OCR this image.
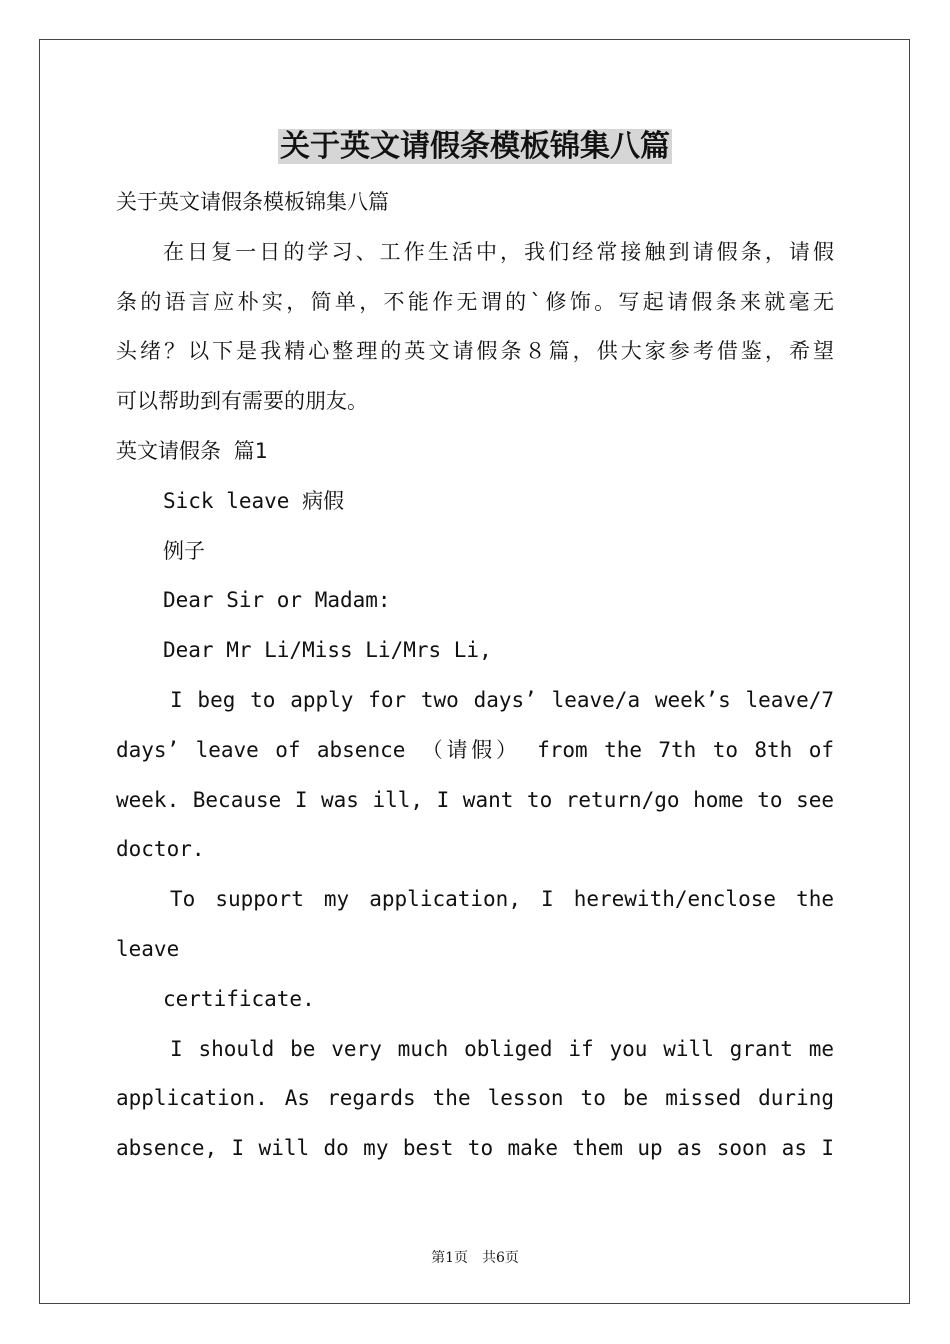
关于英文请假条模板锦集八篇
关于英文请假条模板锦集八篇
在日复一日的学习、工作生活中，我们经常接触到请假条，请假
条的语言应朴实，简单，不能作无谓的`修饰。写起请假条来就毫无
头绪？以下是我精心整理的英文请假条８篇，供大家参考借鉴，希望
可以帮助到有需要的朋友。
英文请假条 篇1
Sick leave 病假
例子
Dear Sir or Madam:
Dear Mr Li/Miss Li/Mrs Li,
I beg to apply for two days’ leave/a week’s leave/7
days’ leave of absence （请假） from the 7th to 8th of
week. Because I was ill, I want to return/go home to see
doctor.
To support my application, I herewith/enclose the
leave
certificate.
I should be very much obliged if you will grant me
application. As regards the lesson to be missed during
absence, I will do my best to make them up as soon as I
第1页　共6页
